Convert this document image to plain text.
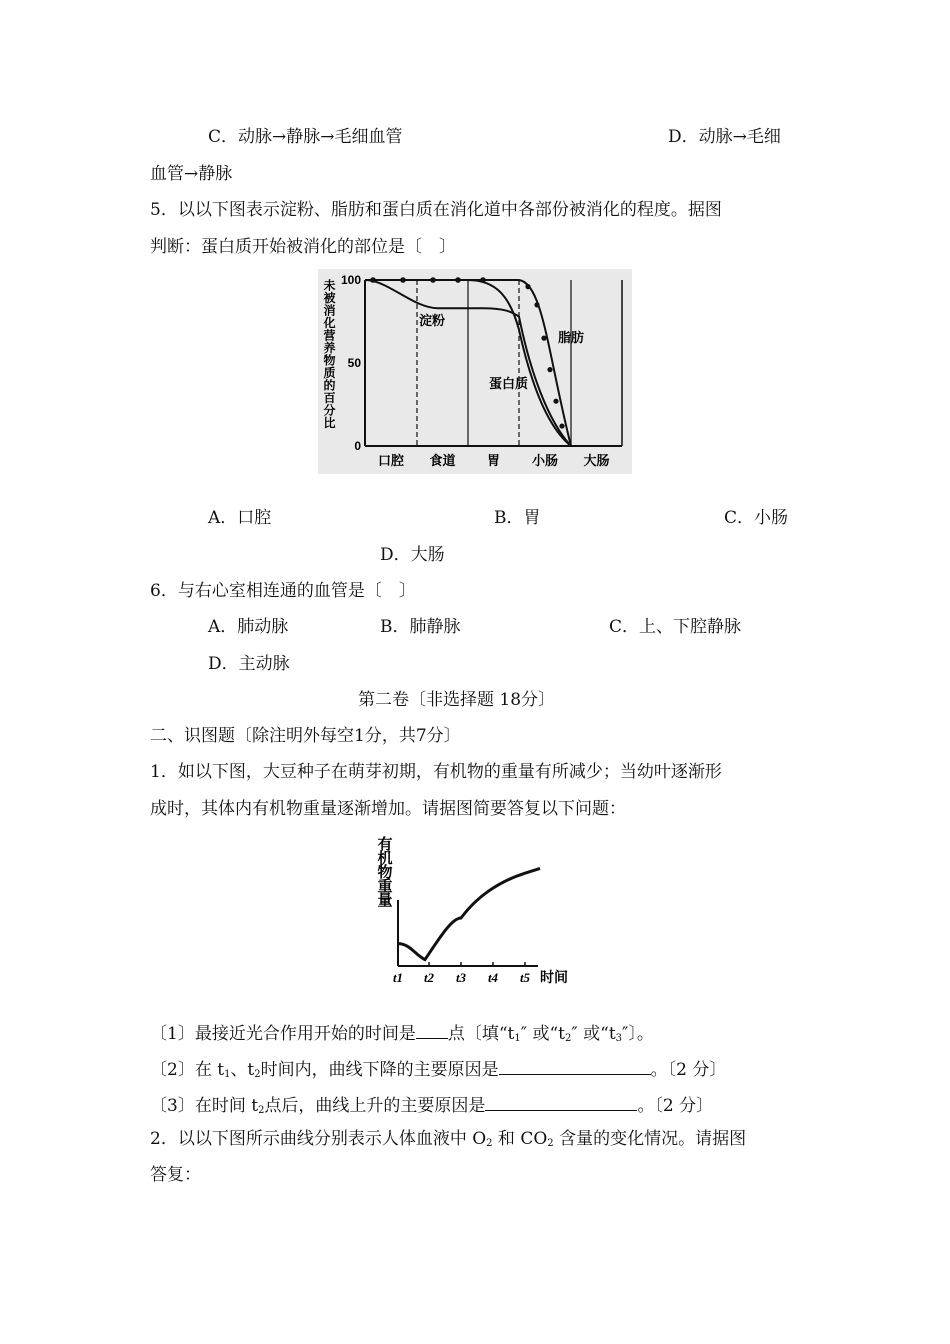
C．动脉→静脉→毛细血管	D．动脉→毛细
血管→静脉
5．以以下图表示淀粉、脂肪和蛋白质在消化道中各部份被消化的程度。据图
判断：蛋白质开始被消化的部位是〔　〕
未被消化营养物质的百分比 100
50
0
口腔 食道 胃 小肠 大肠
淀粉
脂肪
蛋白质
A．口腔	B．胃	C．小肠
D．大肠
6．与右心室相连通的血管是〔　〕
A．肺动脉	B．肺静脉	C．上、下腔静脉
D．主动脉
第二卷〔非选择题 18分〕
二、识图题〔除注明外每空1分，共7分〕
1．如以下图，大豆种子在萌芽初期，有机物的重量有所减少；当幼叶逐渐形
成时，其体内有机物重量逐渐增加。请据图简要答复以下问题：
有机物重量
t1 t2 t3 t4 t5 时间
〔1〕最接近光合作用开始的时间是 点〔填“$t_1''$ 或“$t_2''$ 或“$t_3''$〕。
〔2〕在 $t_1$、$t_2$时间内，曲线下降的主要原因是	。〔2 分〕
〔3〕在时间 $t_2$点后，曲线上升的主要原因是	。〔2 分〕
2．以以下图所示曲线分别表示人体血液中 $O_2$ 和 $CO_2$ 含量的变化情况。请据图
答复：
